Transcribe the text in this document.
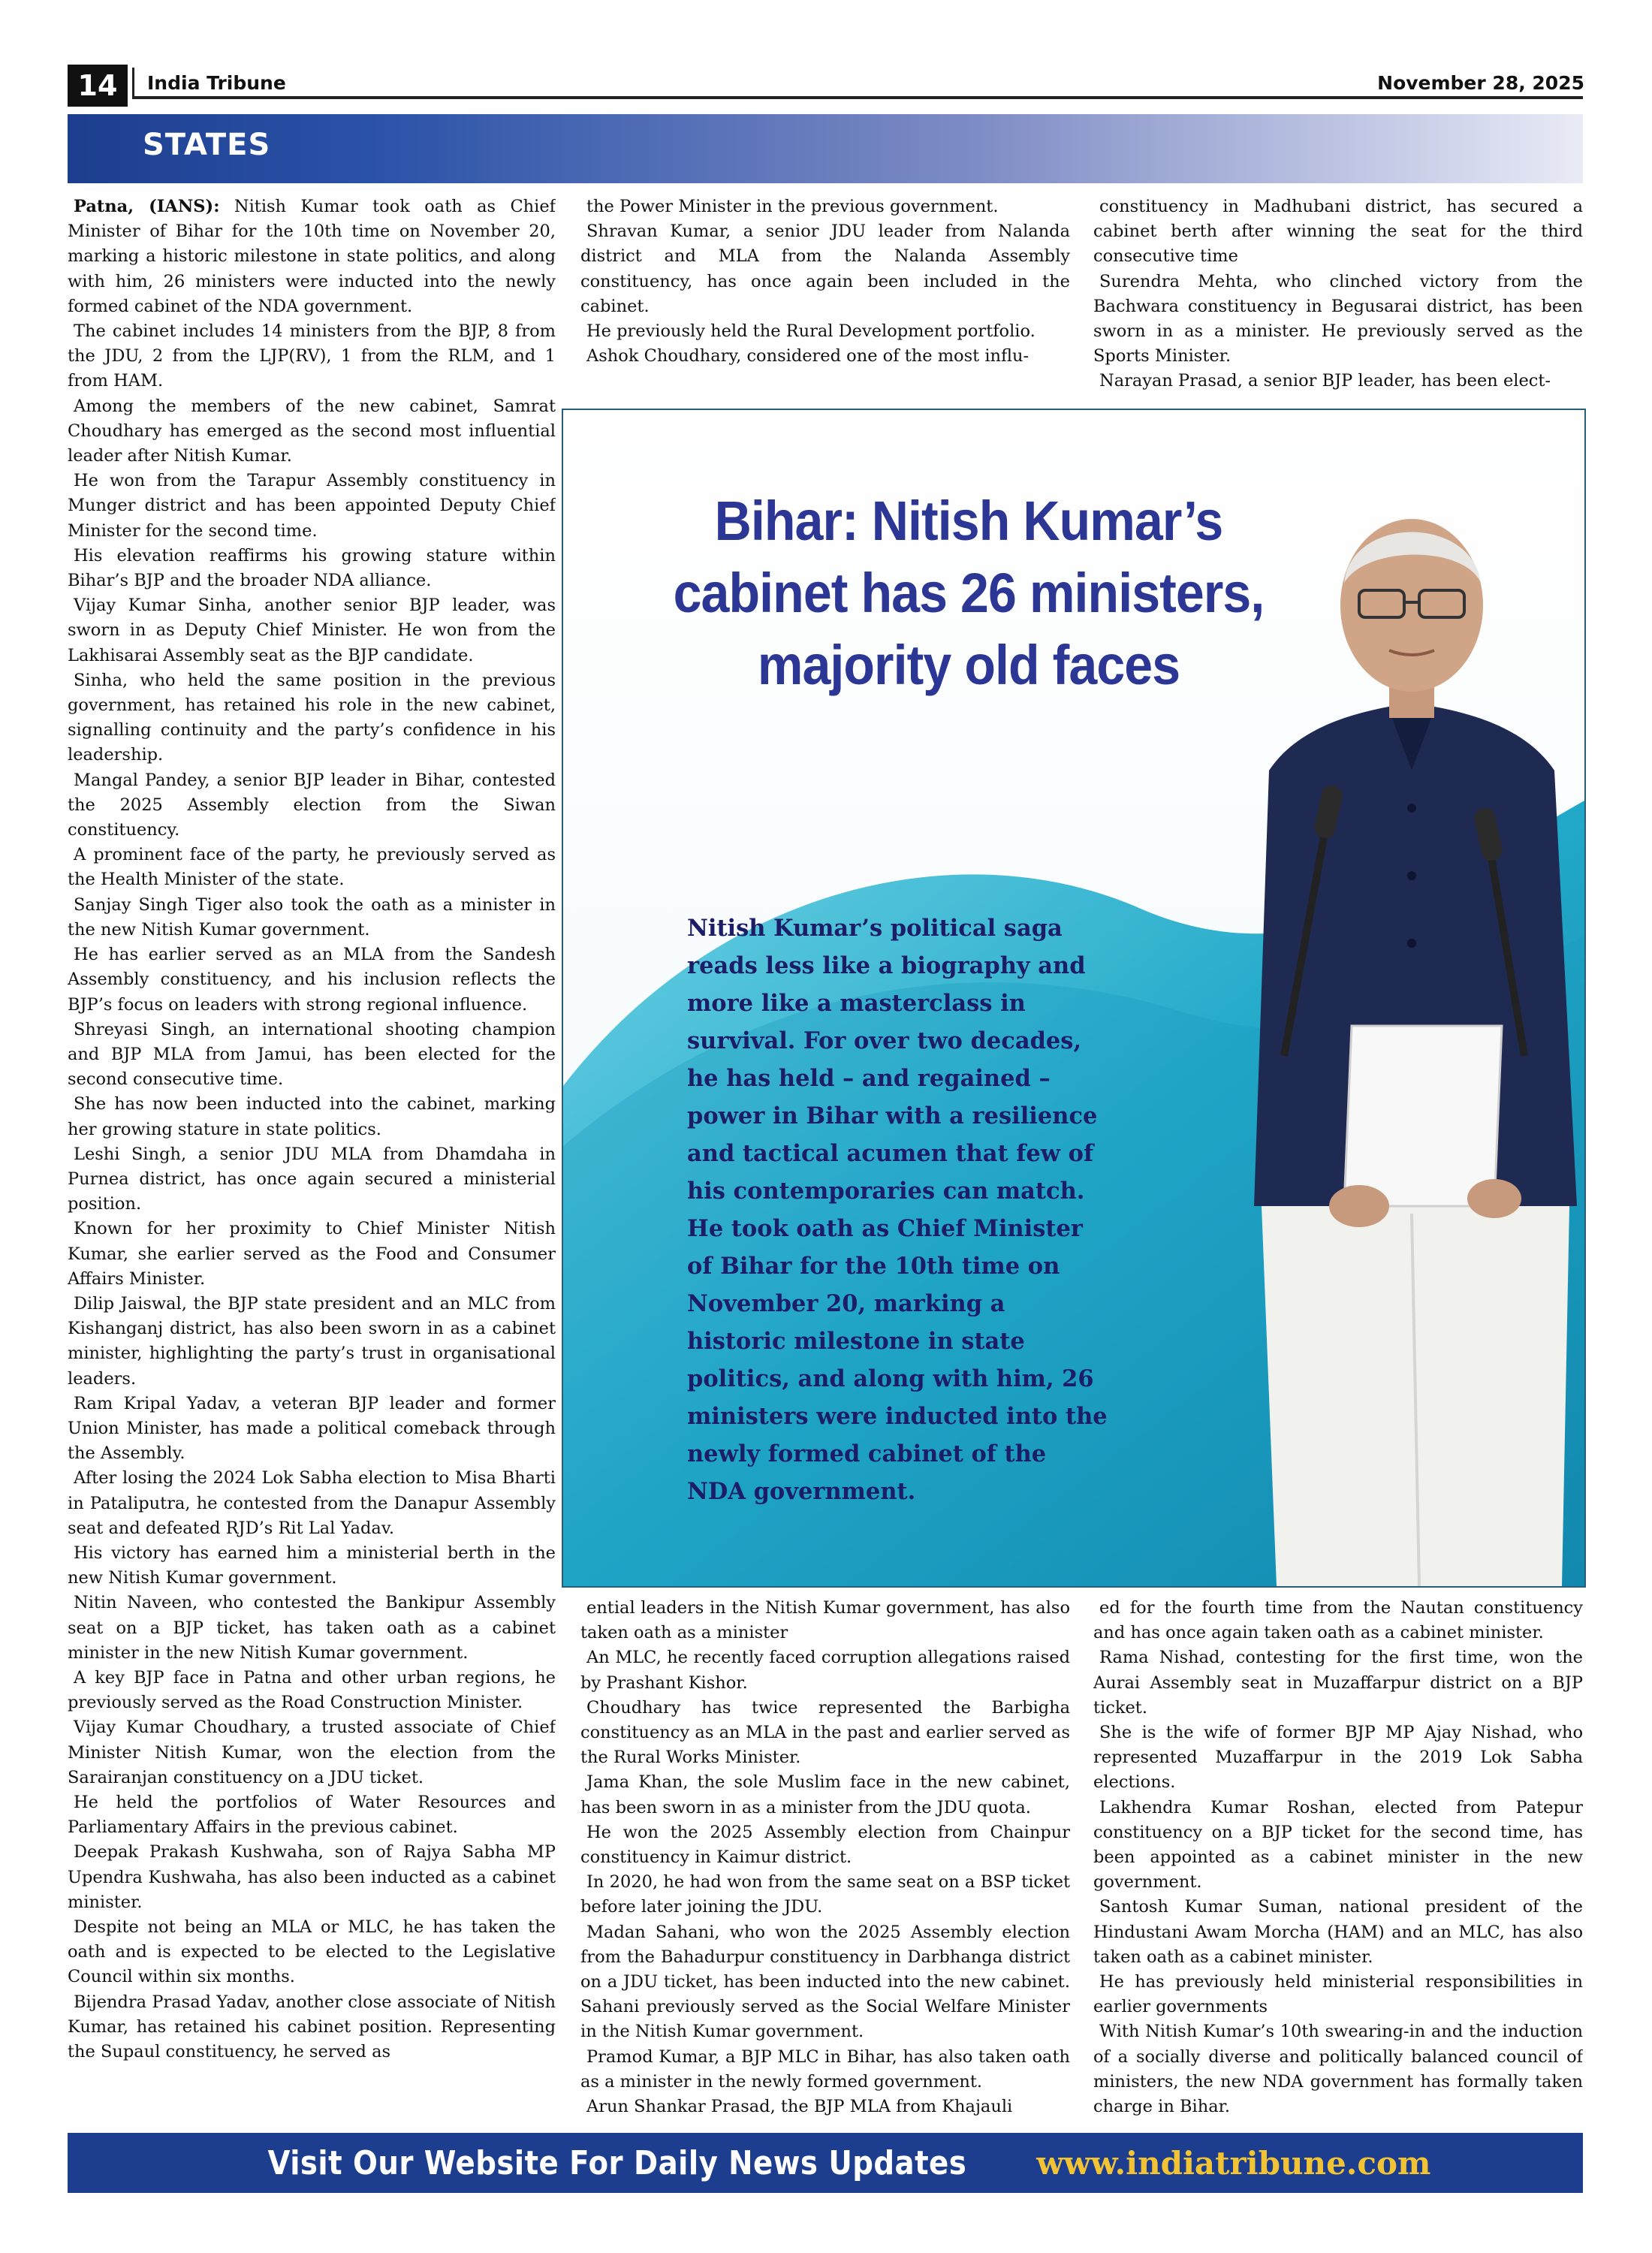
14	India Tribune	November 28, 2025
STATES

Patna, (IANS): Nitish Kumar took oath as Chief Minister of Bihar for the 10th time on November 20, marking a historic milestone in state politics, and along with him, 26 ministers were inducted into the newly formed cabinet of the NDA government.

The cabinet includes 14 ministers from the BJP, 8 from the JDU, 2 from the LJP(RV), 1 from the RLM, and 1 from HAM.

Among the members of the new cabinet, Samrat Choudhary has emerged as the second most influential leader after Nitish Kumar.

He won from the Tarapur Assembly constituency in Munger district and has been appointed Deputy Chief Minister for the second time.

His elevation reaffirms his growing stature within Bihar’s BJP and the broader NDA alliance.

Vijay Kumar Sinha, another senior BJP leader, was sworn in as Deputy Chief Minister. He won from the Lakhisarai Assembly seat as the BJP candidate.

Sinha, who held the same position in the previous government, has retained his role in the new cabinet, signalling continuity and the party’s confidence in his leadership.

Mangal Pandey, a senior BJP leader in Bihar, contested the 2025 Assembly election from the Siwan constituency.

A prominent face of the party, he previously served as the Health Minister of the state.

Sanjay Singh Tiger also took the oath as a minister in the new Nitish Kumar government.

He has earlier served as an MLA from the Sandesh Assembly constituency, and his inclusion reflects the BJP’s focus on leaders with strong regional influence.

Shreyasi Singh, an international shooting champion and BJP MLA from Jamui, has been elected for the second consecutive time.

She has now been inducted into the cabinet, marking her growing stature in state politics.

Leshi Singh, a senior JDU MLA from Dhamdaha in Purnea district, has once again secured a ministerial position.

Known for her proximity to Chief Minister Nitish Kumar, she earlier served as the Food and Consumer Affairs Minister.

Dilip Jaiswal, the BJP state president and an MLC from Kishanganj district, has also been sworn in as a cabinet minister, highlighting the party’s trust in organisational leaders.

Ram Kripal Yadav, a veteran BJP leader and former Union Minister, has made a political comeback through the Assembly.

After losing the 2024 Lok Sabha election to Misa Bharti in Pataliputra, he contested from the Danapur Assembly seat and defeated RJD’s Rit Lal Yadav.

His victory has earned him a ministerial berth in the new Nitish Kumar government.

Nitin Naveen, who contested the Bankipur Assembly seat on a BJP ticket, has taken oath as a cabinet minister in the new Nitish Kumar government.

A key BJP face in Patna and other urban regions, he previously served as the Road Construction Minister.

Vijay Kumar Choudhary, a trusted associate of Chief Minister Nitish Kumar, won the election from the Sarairanjan constituency on a JDU ticket.

He held the portfolios of Water Resources and Parliamentary Affairs in the previous cabinet.

Deepak Prakash Kushwaha, son of Rajya Sabha MP Upendra Kushwaha, has also been inducted as a cabinet minister.

Despite not being an MLA or MLC, he has taken the oath and is expected to be elected to the Legislative Council within six months.

Bijendra Prasad Yadav, another close associate of Nitish Kumar, has retained his cabinet position. Representing the Supaul constituency, he served as

the Power Minister in the previous government.

Shravan Kumar, a senior JDU leader from Nalanda district and MLA from the Nalanda Assembly constituency, has once again been included in the cabinet.

He previously held the Rural Development portfolio.

Ashok Choudhary, considered one of the most influ-

constituency in Madhubani district, has secured a cabinet berth after winning the seat for the third consecutive time

Surendra Mehta, who clinched victory from the Bachwara constituency in Begusarai district, has been sworn in as a minister. He previously served as the Sports Minister.

Narayan Prasad, a senior BJP leader, has been elect-

Bihar: Nitish Kumar’s
cabinet has 26 ministers,
majority old faces
Nitish Kumar’s political saga reads less like a biography and more like a masterclass in survival. For over two decades, he has held – and regained – power in Bihar with a resilience and tactical acumen that few of his contemporaries can match. He took oath as Chief Minister of Bihar for the 10th time on November 20, marking a historic milestone in state politics, and along with him, 26 ministers were inducted into the newly formed cabinet of the NDA government.

ential leaders in the Nitish Kumar government, has also taken oath as a minister

An MLC, he recently faced corruption allegations raised by Prashant Kishor.

Choudhary has twice represented the Barbigha constituency as an MLA in the past and earlier served as the Rural Works Minister.

Jama Khan, the sole Muslim face in the new cabinet, has been sworn in as a minister from the JDU quota.

He won the 2025 Assembly election from Chainpur constituency in Kaimur district.

In 2020, he had won from the same seat on a BSP ticket before later joining the JDU.

Madan Sahani, who won the 2025 Assembly election from the Bahadurpur constituency in Darbhanga district on a JDU ticket, has been inducted into the new cabinet. Sahani previously served as the Social Welfare Minister in the Nitish Kumar government.

Pramod Kumar, a BJP MLC in Bihar, has also taken oath as a minister in the newly formed government.

Arun Shankar Prasad, the BJP MLA from Khajauli

ed for the fourth time from the Nautan constituency and has once again taken oath as a cabinet minister.

Rama Nishad, contesting for the first time, won the Aurai Assembly seat in Muzaffarpur district on a BJP ticket.

She is the wife of former BJP MP Ajay Nishad, who represented Muzaffarpur in the 2019 Lok Sabha elections.

Lakhendra Kumar Roshan, elected from Patepur constituency on a BJP ticket for the second time, has been appointed as a cabinet minister in the new government.

Santosh Kumar Suman, national president of the Hindustani Awam Morcha (HAM) and an MLC, has also taken oath as a cabinet minister.

He has previously held ministerial responsibilities in earlier governments

With Nitish Kumar’s 10th swearing-in and the induction of a socially diverse and politically balanced council of ministers, the new NDA government has formally taken charge in Bihar.

Visit Our Website For Daily News Updates www.indiatribune.com
